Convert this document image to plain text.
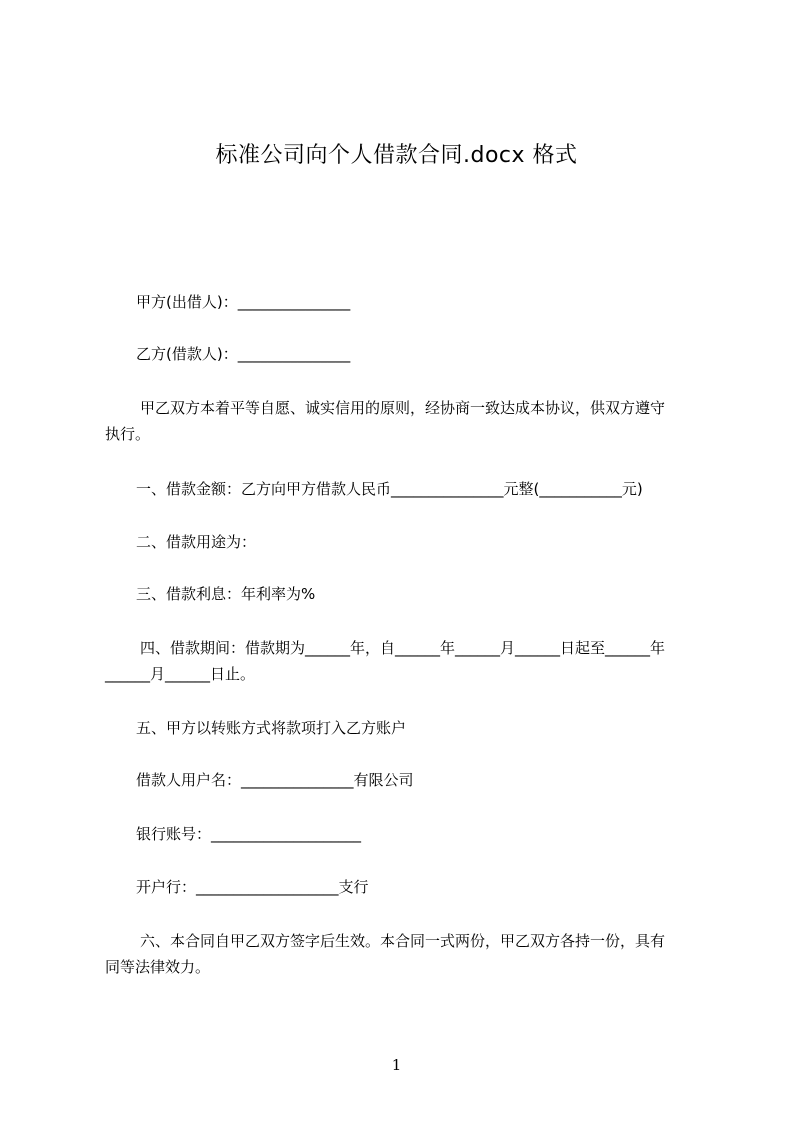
标准公司向个人借款合同.docx 格式
甲方(出借人)：_______________
乙方(借款人)：_______________
甲乙双方本着平等自愿、诚实信用的原则，经协商一致达成本协议，供双方遵守
执行。
一、借款金额：乙方向甲方借款人民币_______________元整(___________元)
二、借款用途为：
三、借款利息：年利率为%
四、借款期间：借款期为______年，自______年______月______日起至______年
______月______日止。
五、甲方以转账方式将款项打入乙方账户
借款人用户名：_______________有限公司
银行账号：____________________
开户行：___________________支行
六、本合同自甲乙双方签字后生效。本合同一式两份，甲乙双方各持一份，具有
同等法律效力。
1
